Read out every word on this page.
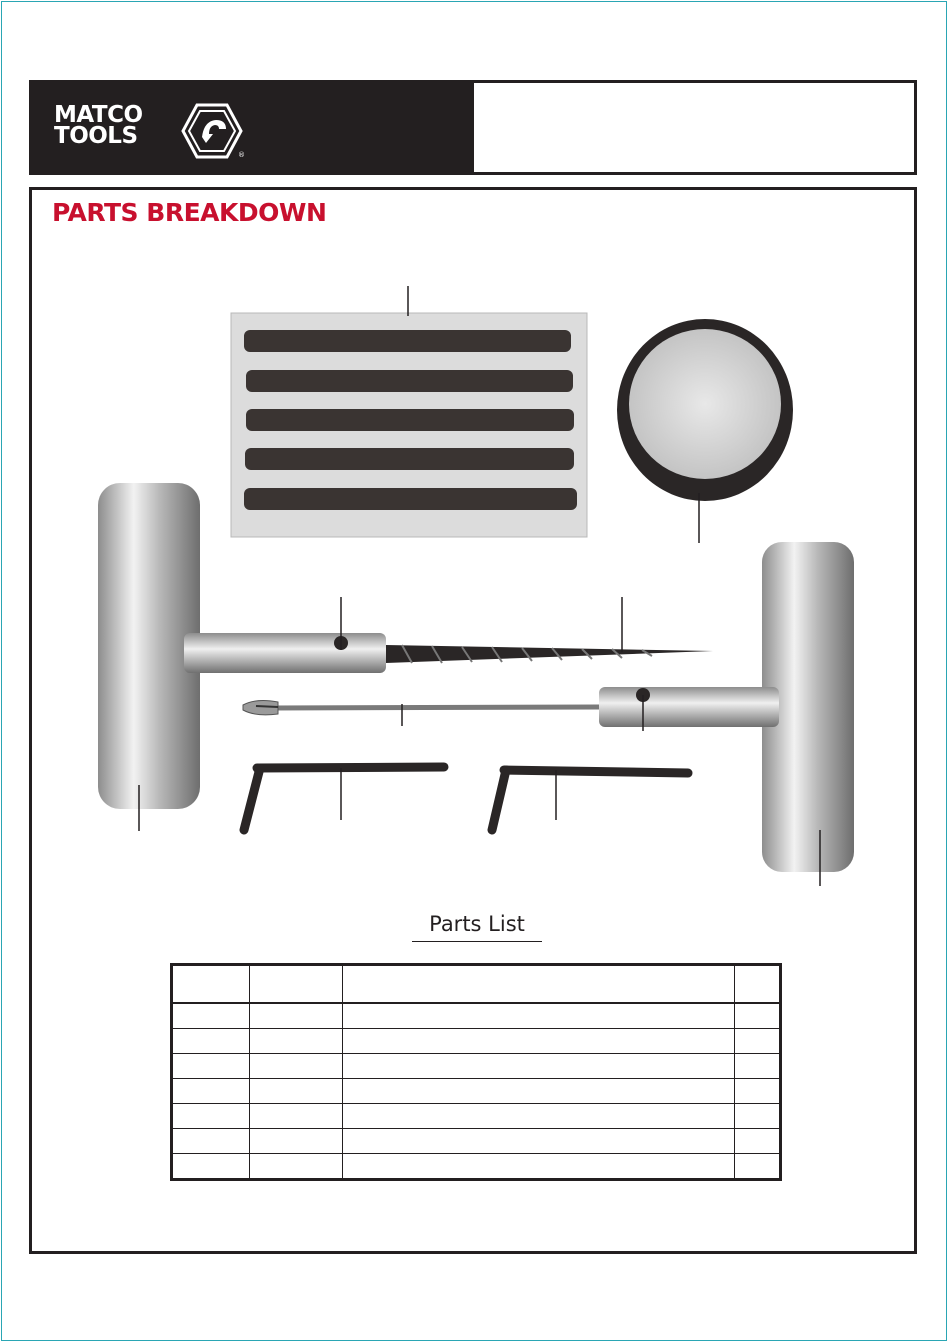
MATCO
TOOLS
®
PARTS BREAKDOWN
Parts List
